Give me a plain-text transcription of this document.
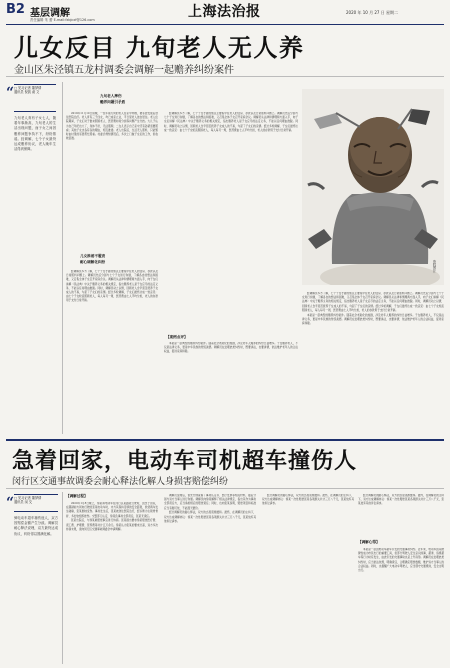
B2 基层调解
责任编辑 朱 蕾 E-mail:fzbjcxf@126.com	上海法治报	2020 年 10 月 27 日 星期二
儿女反目 九旬老人无人养
金山区朱泾镇五龙村调委会调解一起赡养纠纷案件
“ □ 见习记者 董梦倩
通讯员 倪凯 俞 文
九旬老人育有子女七人，随着年事渐高，九旬老人的生活出现问题，而子女之间因赡养问题争执不下，纷纷推诿。经调解，七个子女最终达成赡养协议，老人晚年生活得到保障。
九旬老人摔伤
赡养问题引矛盾

2019年11月10日傍晚，一位年逾九旬的老人在家中摔倒，被邻居发现后送往医院治疗。老人育有三子四女，均已成家立业，平日里老人独自居住。老人住院期间，子女们对于谁来照顾老人、医药费如何分担等问题产生分歧。大儿子认为自己年纪也大了，身体不好，无法照顾；二女儿表示自己家中还有孙辈需要照看；其他子女也各有各的理由，相互推诿。老人出院后，生活无人照料，只能暂时由村里的邻居帮忙照看。村委会得知情况后，多次上门做子女们的工作，但收效甚微。

儿女推诿不履责
耐心调解化纠纷

经调解员多方了解，七个子女矛盾的焦点主要集中在老人的住房、存款以及日常照料问题上。调解员先后分别与七个子女进行沟通，了解各自的想法和困难，又召集全体子女召开家庭会议。调解员从法律和情理两方面入手，向子女们讲解《民法典》中关于赡养义务的相关规定，指出赡养老人是子女应尽的法定义务，不能以任何理由推脱。同时，调解员动之以情，回顾老人含辛茹苦抚养子女成人的不易，勾起了子女们的亲情。经过多轮调解，子女们最终达成一致意见：由七个子女轮流照顾老人，每人每月一周，医药费由七人平均分担，老人的存款用于支付日常开销。

经调解员多方了解，七个子女矛盾的焦点主要集中在老人的住房、存款以及日常照料问题上。调解员先后分别与七个子女进行沟通，了解各自的想法和困难，又召集全体子女召开家庭会议。调解员从法律和情理两方面入手，向子女们讲解《民法典》中关于赡养义务的相关规定，指出赡养老人是子女应尽的法定义务，不能以任何理由推脱。同时，调解员动之以情，回顾老人含辛茹苦抚养子女成人的不易，勾起了子女们的亲情。经过多轮调解，子女们最终达成一致意见：由七个子女轮流照顾老人，每人每月一周，医药费由七人平均分担，老人的存款用于支付日常开销。

【案例点评】

本案是一起典型的赡养纠纷案件。随着社会老龄化的加剧，涉及老年人赡养的纠纷日益增多。子女赡养老人，不仅是法律义务，更是中华民族的传统美德。调解员在处理此类纠纷时，既要讲法，也要讲情，依法维护老年人的合法权益，促进家庭和睦。

资料图片

经调解员多方了解，七个子女矛盾的焦点主要集中在老人的住房、存款以及日常照料问题上。调解员先后分别与七个子女进行沟通，了解各自的想法和困难，又召集全体子女召开家庭会议。调解员从法律和情理两方面入手，向子女们讲解《民法典》中关于赡养义务的相关规定，指出赡养老人是子女应尽的法定义务，不能以任何理由推脱。同时，调解员动之以情，回顾老人含辛茹苦抚养子女成人的不易，勾起了子女们的亲情。经过多轮调解，子女们最终达成一致意见：由七个子女轮流照顾老人，每人每月一周，医药费由七人平均分担，老人的存款用于支付日常开销。

本案是一起典型的赡养纠纷案件。随着社会老龄化的加剧，涉及老年人赡养的纠纷日益增多。子女赡养老人，不仅是法律义务，更是中华民族的传统美德。调解员在处理此类纠纷时，既要讲法，也要讲情，依法维护老年人的合法权益，促进家庭和睦。

急着回家，电动车司机超车撞伤人
闵行区交通事故调委会耐心释法化解人身损害赔偿纠纷
“ □ 见习记者 董梦倩
通讯员 闵 交
骑电动车超车撞伤他人，双方因赔偿金额产生分歧。调解员耐心释法说理，双方最终达成协议，纠纷得以圆满化解。
【调解过程】

2020年1月8日晚上，徐某骑电动车在闵行区某路段行驶时，因急于回家，在超越前方同向行驶的张某电动车时，未与其保持足够的安全距离，致使两车发生碰撞，张某倒地受伤。事故发生后，张某被送往医院治疗，经诊断为左锁骨骨折、多处软组织挫伤。交警部门认定，徐某负事故全部责任，张某无责任。

张某出院后，与徐某就赔偿事宜进行协商。张某提出要求徐某赔偿医疗费、误工费、护理费、营养费等共计五万余元。徐某认为张某的要求过高，双方多次协商未果，遂向闵行区交通事故调委会申请调解。

调解员受理后，首先仔细查看了事故认定书、医疗发票等相关材料，随后分别与双方当事人进行沟通。调解员向徐某解释了相关法律规定，指出其作为事故全部责任方，应当承担相应的赔偿责任；同时，也向张某说明，赔偿项目和标准应当有据可依，不能漫天要价。

经过调解员的耐心释法，双方的态度逐渐缓和。最终，在调解员的主持下，双方达成调解协议：徐某一次性赔偿张某各项损失共计三万八千元，张某放弃其他诉讼请求。

经过调解员的耐心释法，双方的态度逐渐缓和。最终，在调解员的主持下，双方达成调解协议：徐某一次性赔偿张某各项损失共计三万八千元，张某放弃其他诉讼请求。

经过调解员的耐心释法，双方的态度逐渐缓和。最终，在调解员的主持下，双方达成调解协议：徐某一次性赔偿张某各项损失共计三万八千元，张某放弃其他诉讼请求。

【调解心得】

本案是一起因电动车超车引发的交通事故纠纷。近年来，电动车因其便捷性成为市民出行的重要工具，但部分驾驶人安全意识淡薄，超速、违规超车等行为时有发生，由此引发的交通事故也呈上升趋势。调解员在处理此类纠纷时，应当依法依规，明确责任，合理确定赔偿数额，维护双方当事人的合法权益。同时，也提醒广大电动车驾驶人，应当遵守交通规则，安全文明出行。
